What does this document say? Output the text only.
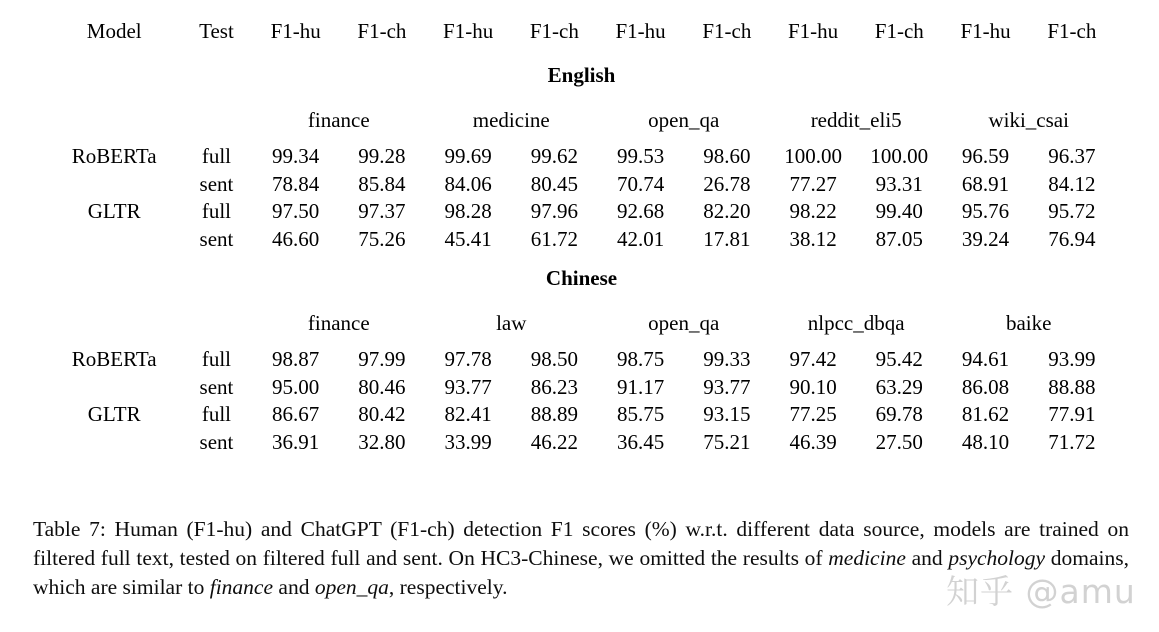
Model	Test	F1-hu	F1-ch	F1-hu	F1-ch	F1-hu	F1-ch	F1-hu	F1-ch	F1-hu	F1-ch

English											

		finance		medicine		open_qa		reddit_eli5		wiki_csai	

RoBERTa	full	99.34	99.28	99.69	99.62	99.53	98.60	100.00	100.00	96.59	96.37
	sent	78.84	85.84	84.06	80.45	70.74	26.78	77.27	93.31	68.91	84.12
GLTR	full	97.50	97.37	98.28	97.96	92.68	82.20	98.22	99.40	95.76	95.72
	sent	46.60	75.26	45.41	61.72	42.01	17.81	38.12	87.05	39.24	76.94

Chinese											

		finance		law		open_qa		nlpcc_dbqa		baike	

RoBERTa	full	98.87	97.99	97.78	98.50	98.75	99.33	97.42	95.42	94.61	93.99
	sent	95.00	80.46	93.77	86.23	91.17	93.77	90.10	63.29	86.08	88.88
GLTR	full	86.67	80.42	82.41	88.89	85.75	93.15	77.25	69.78	81.62	77.91
	sent	36.91	32.80	33.99	46.22	36.45	75.21	46.39	27.50	48.10	71.72

Table 7: Human (F1-hu) and ChatGPT (F1-ch) detection F1 scores (%) w.r.t. different data source, models are trained on filtered full text, tested on filtered full and sent. On HC3-Chinese, we omitted the results of medicine and psychology domains, which are similar to finance and open_qa, respectively.	知乎 @amu
